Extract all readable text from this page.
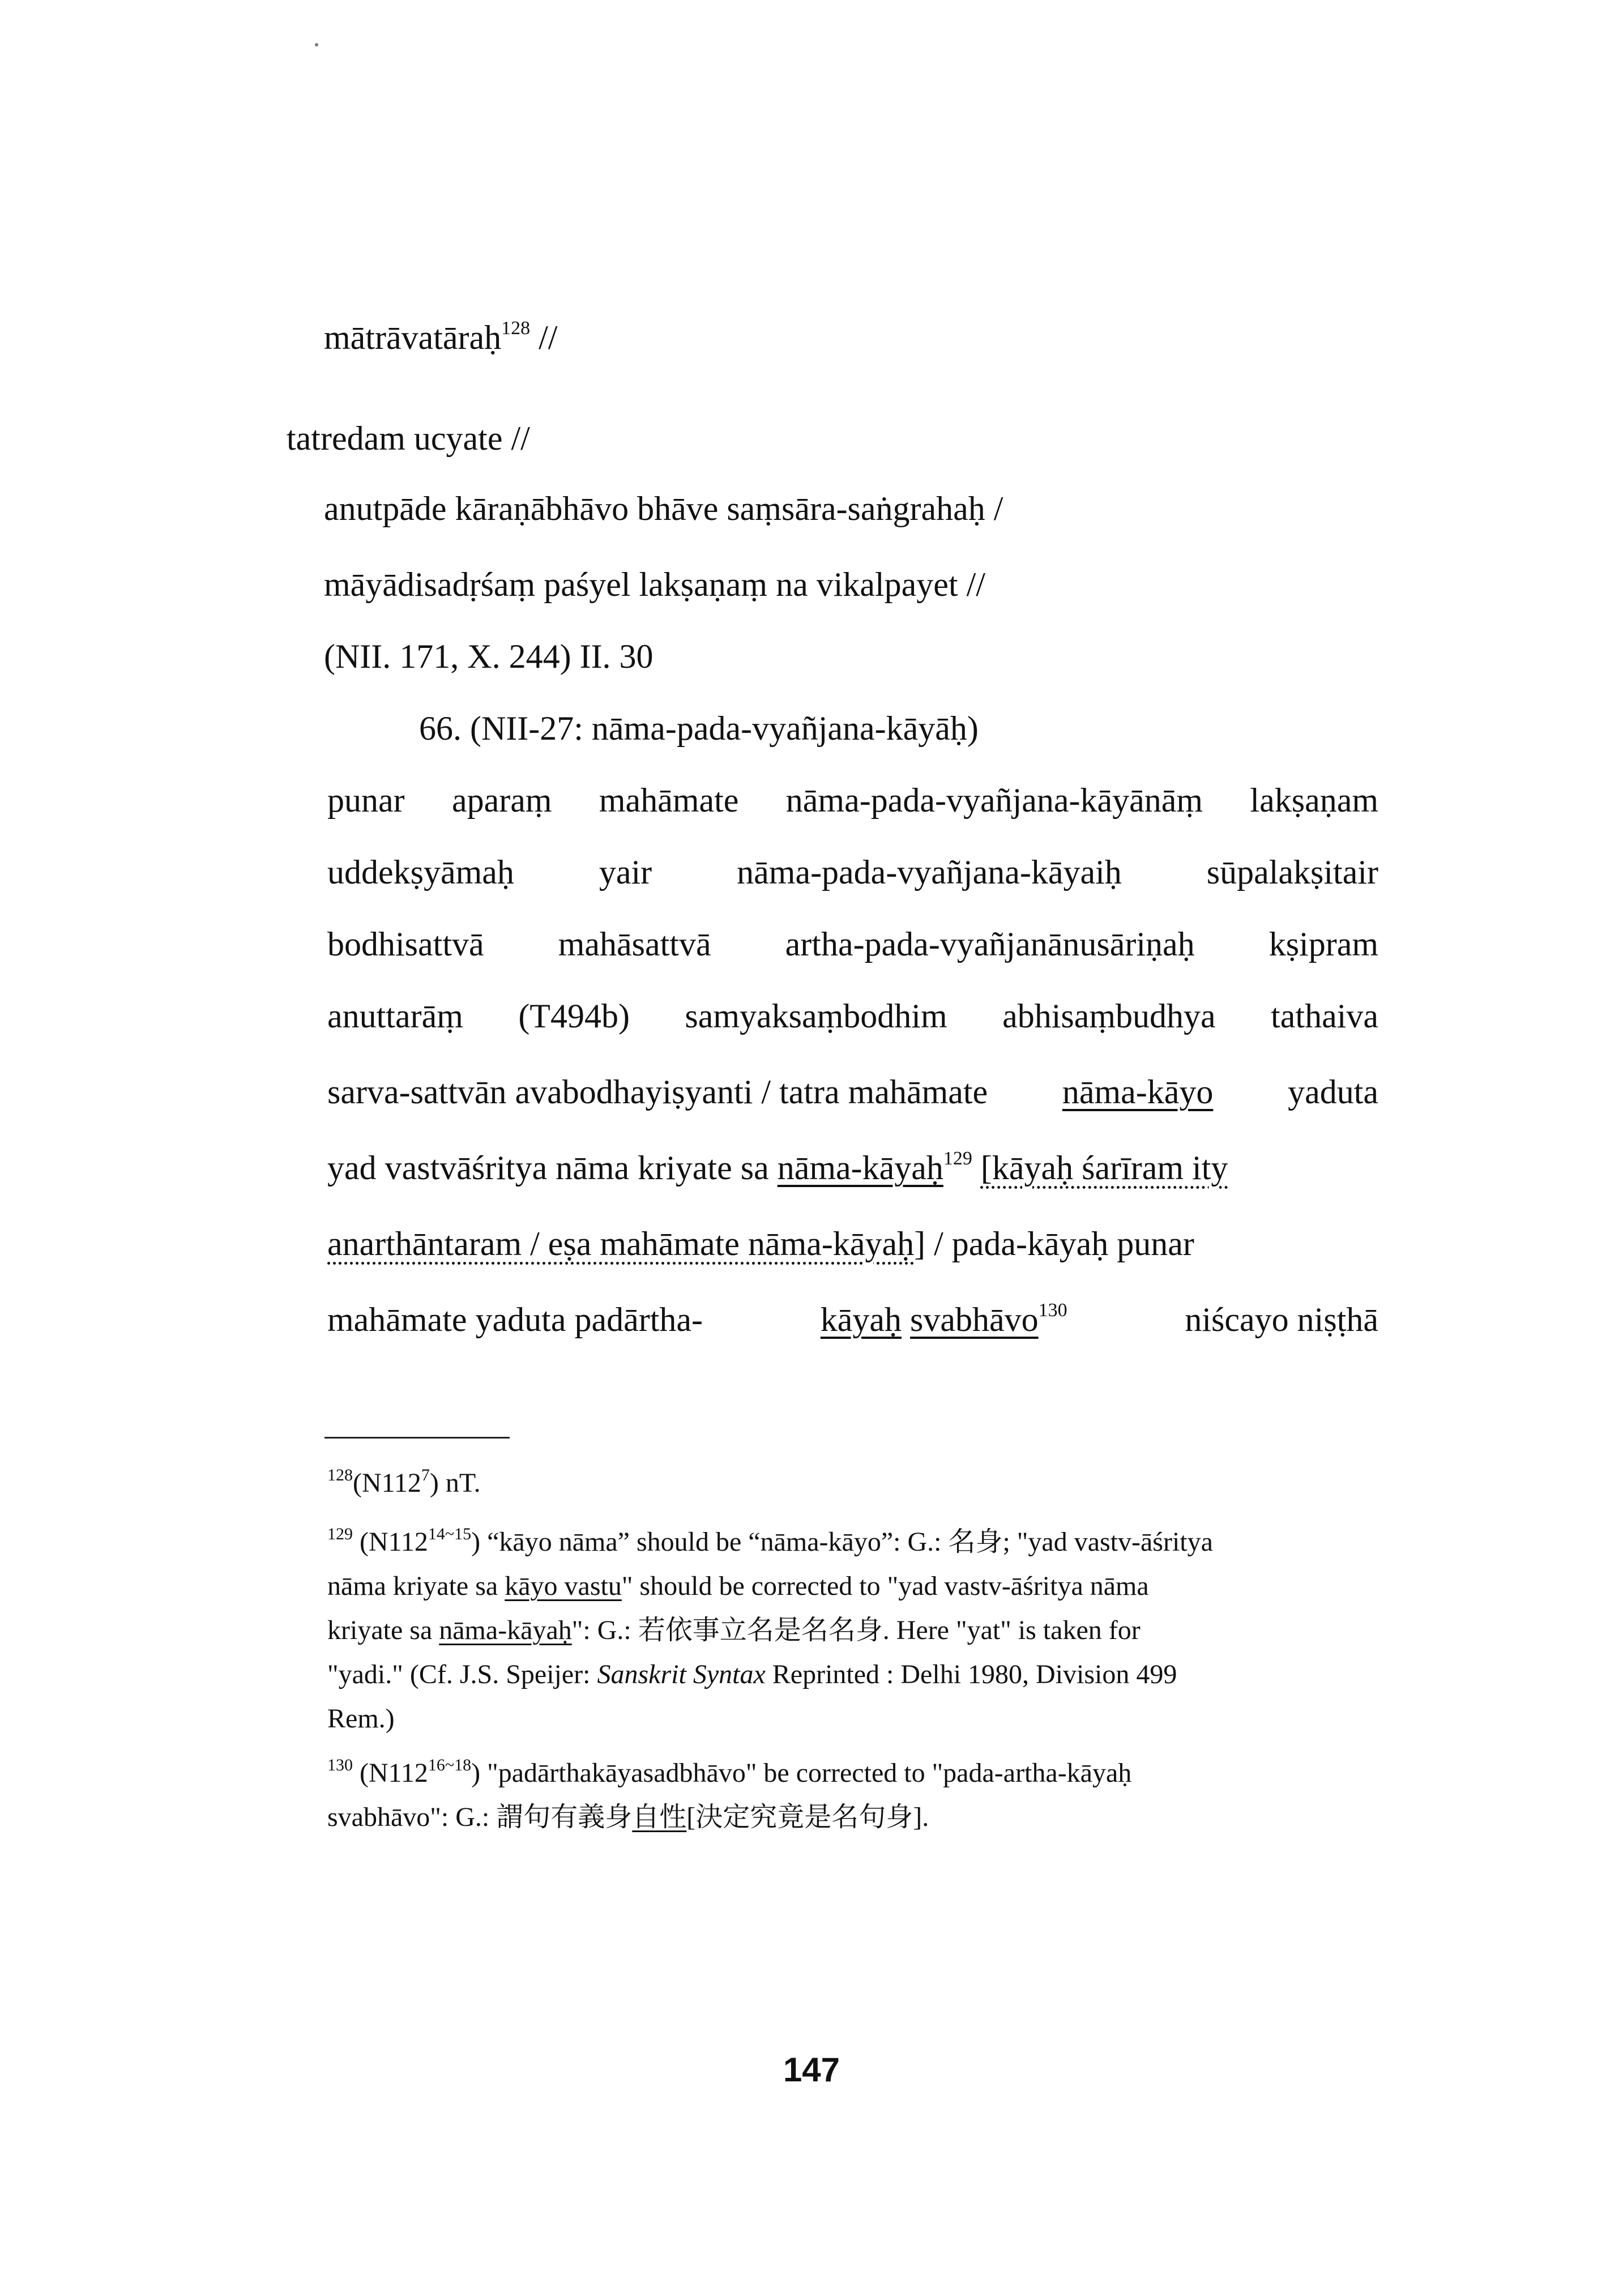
mātrāvatāraḥ$^{128}$ //
tatredam ucyate //
anutpāde kāraṇābhāvo bhāve saṃsāra-saṅgrahaḥ /
māyādisadṛśaṃ paśyel lakṣaṇaṃ na vikalpayet //
(NII. 171, X. 244) II. 30
66. (NII-27: nāma-pada-vyañjana-kāyāḥ)
punar aparaṃ mahāmate nāma-pada-vyañjana-kāyānāṃ lakṣaṇam
uddekṣyāmaḥ yair nāma-pada-vyañjana-kāyaiḥ sūpalakṣitair
bodhisattvā mahāsattvā artha-pada-vyañjanānusāriṇaḥ kṣipram
anuttarāṃ (T494b) samyaksaṃbodhim abhisaṃbudhya tathaiva
sarva-sattvān avabodhayiṣyanti / tatra mahāmate nāma-kāyo yaduta
yad vastvāśritya nāma kriyate sa nāma-kāyaḥ$^{129}$ [kāyaḥ śarīram ity
anarthāntaram / eṣa mahāmate nāma-kāyaḥ] / pada-kāyaḥ punar
mahāmate yaduta padārtha-	kāyaḥ svabhāvo$^{130}$	niścayo niṣṭhā
$^{128}(N112^7)$ nT.
$^{129}$ $(N112^{14\sim 15})$ “kāyo nāma” should be “nāma-kāyo”: G.: 名身; "yad vastv-āśritya
nāma kriyate sa kāyo vastu" should be corrected to "yad vastv-āśritya nāma
kriyate sa nāma-kāyaḥ": G.: 若依事立名是名名身. Here "yat" is taken for
"yadi." (Cf. J.S. Speijer: Sanskrit Syntax Reprinted : Delhi 1980, Division 499
Rem.)
$^{130}$ $(N112^{16\sim 18})$ "padārthakāyasadbhāvo" be corrected to "pada-artha-kāyaḥ
svabhāvo": G.: 謂句有義身自性[決定究竟是名句身].
147
